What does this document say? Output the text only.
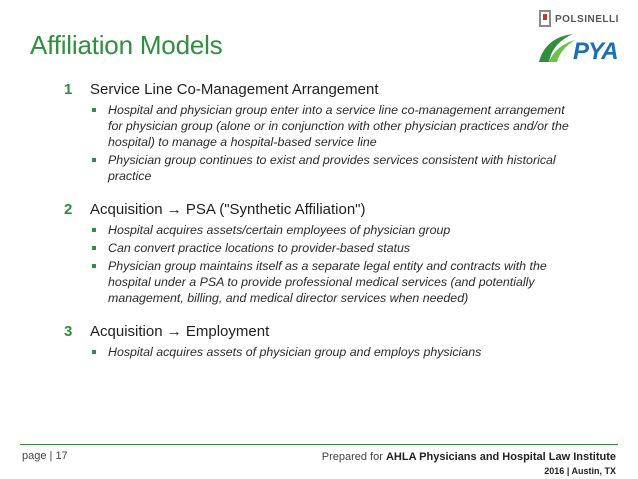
Affiliation Models
POLSINELLI
PYA
1	Service Line Co-Management Arrangement
Hospital and physician group enter into a service line co-management arrangement for physician group (alone or in conjunction with other physician practices and/or the hospital) to manage a hospital-based service line
Physician group continues to exist and provides services consistent with historical practice
2	Acquisition → PSA ("Synthetic Affiliation")
Hospital acquires assets/certain employees of physician group
Can convert practice locations to provider-based status
Physician group maintains itself as a separate legal entity and contracts with the hospital under a PSA to provide professional medical services (and potentially management, billing, and medical director services when needed)
3	Acquisition → Employment
Hospital acquires assets of physician group and employs physicians
page | 17	Prepared for AHLA Physicians and Hospital Law Institute
2016 | Austin, TX
